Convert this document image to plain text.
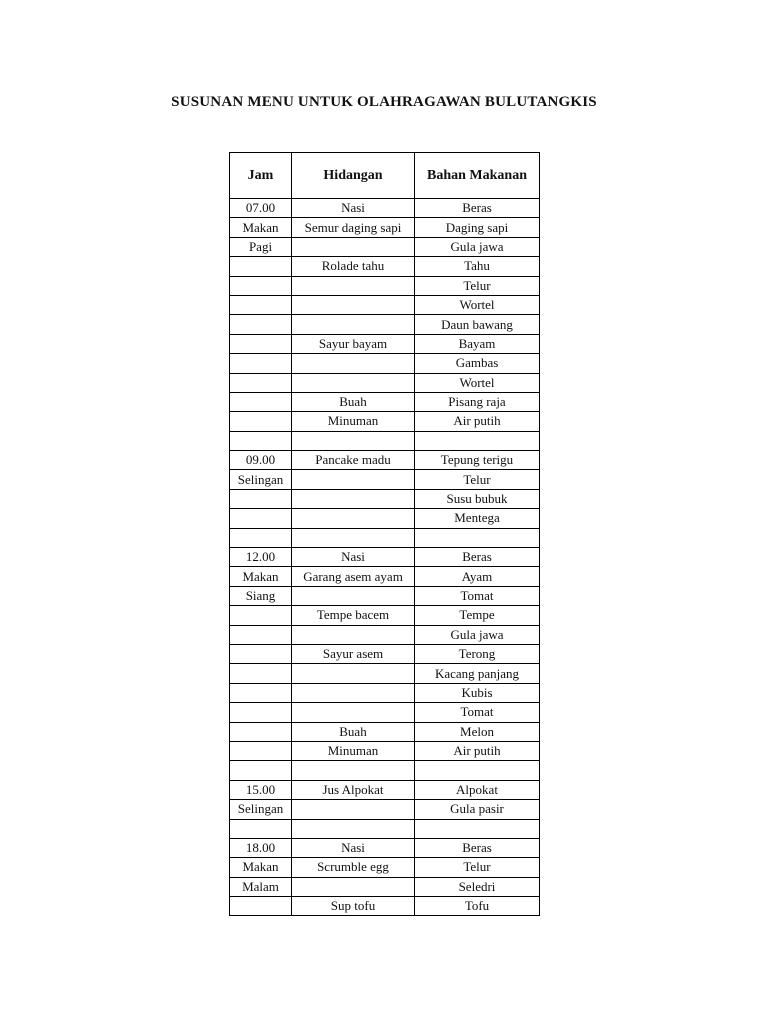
SUSUNAN MENU UNTUK OLAHRAGAWAN BULUTANGKIS
Jam	Hidangan	Bahan Makanan
07.00	Nasi	Beras
Makan	Semur daging sapi	Daging sapi
Pagi		Gula jawa
	Rolade tahu	Tahu
		Telur
		Wortel
		Daun bawang
	Sayur bayam	Bayam
		Gambas
		Wortel
	Buah	Pisang raja
	Minuman	Air putih

09.00	Pancake madu	Tepung terigu
Selingan		Telur
		Susu bubuk
		Mentega

12.00	Nasi	Beras
Makan	Garang asem ayam	Ayam
Siang		Tomat
	Tempe bacem	Tempe
		Gula jawa
	Sayur asem	Terong
		Kacang panjang
		Kubis
		Tomat
	Buah	Melon
	Minuman	Air putih

15.00	Jus Alpokat	Alpokat
Selingan		Gula pasir

18.00	Nasi	Beras
Makan	Scrumble egg	Telur
Malam		Seledri
	Sup tofu	Tofu
